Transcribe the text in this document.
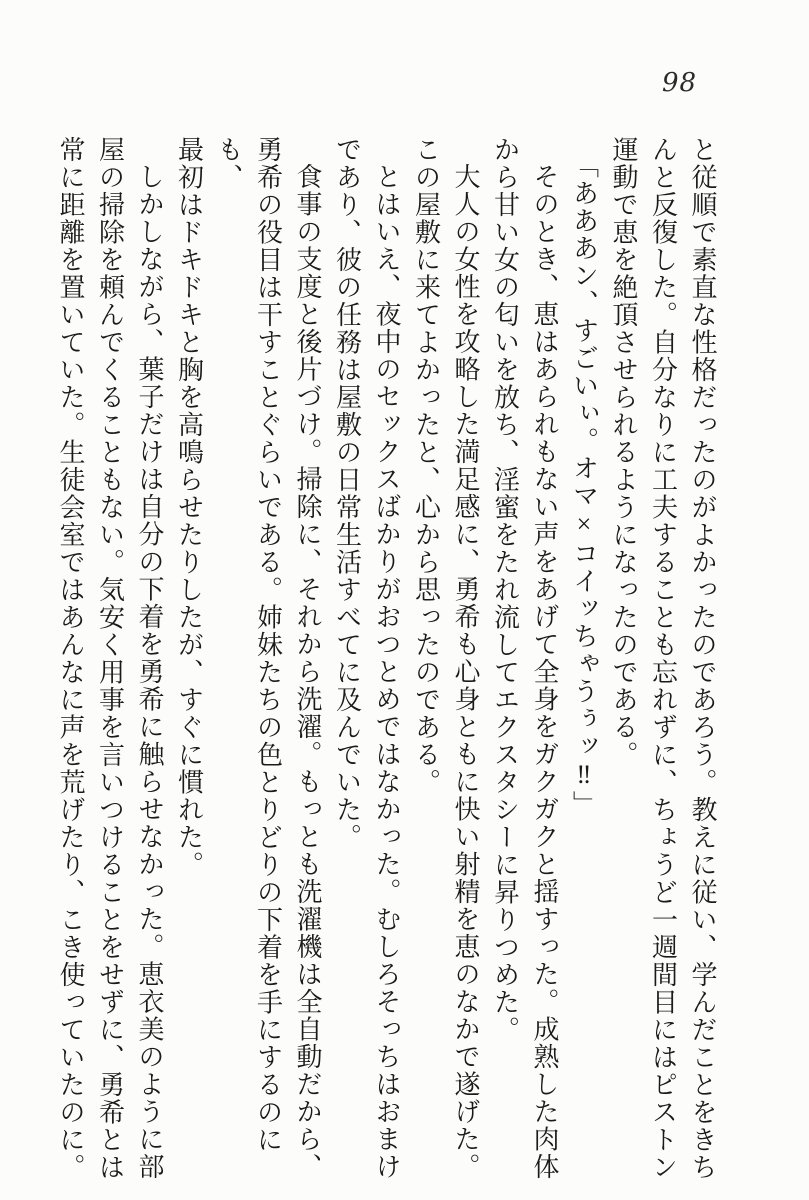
98
と従順で素直な性格だったのがよかったのであろう。教えに従い、学んだことをきち
んと反復した。自分なりに工夫することも忘れずに、ちょうど一週間目にはピストン
運動で恵を絶頂させられるようになったのである。
「あああン、すごいぃ。オマ×コイッちゃうぅッ‼」
そのとき、恵はあられもない声をあげて全身をガクガクと揺すった。成熟した肉体
から甘い女の匂いを放ち、淫蜜をたれ流してエクスタシーに昇りつめた。
大人の女性を攻略した満足感に、勇希も心身ともに快い射精を恵のなかで遂げた。
この屋敷に来てよかったと、心から思ったのである。
とはいえ、夜中のセックスばかりがおつとめではなかった。むしろそっちはおまけ
であり、彼の任務は屋敷の日常生活すべてに及んでいた。
食事の支度と後片づけ。掃除に、それから洗濯。もっとも洗濯機は全自動だから、
勇希の役目は干すことぐらいである。姉妹たちの色とりどりの下着を手にするのにも、
最初はドキドキと胸を高鳴らせたりしたが、すぐに慣れた。
しかしながら、葉子だけは自分の下着を勇希に触らせなかった。恵衣美のように部
屋の掃除を頼んでくることもない。気安く用事を言いつけることをせずに、勇希とは
常に距離を置いていた。生徒会室ではあんなに声を荒げたり、こき使っていたのに。
